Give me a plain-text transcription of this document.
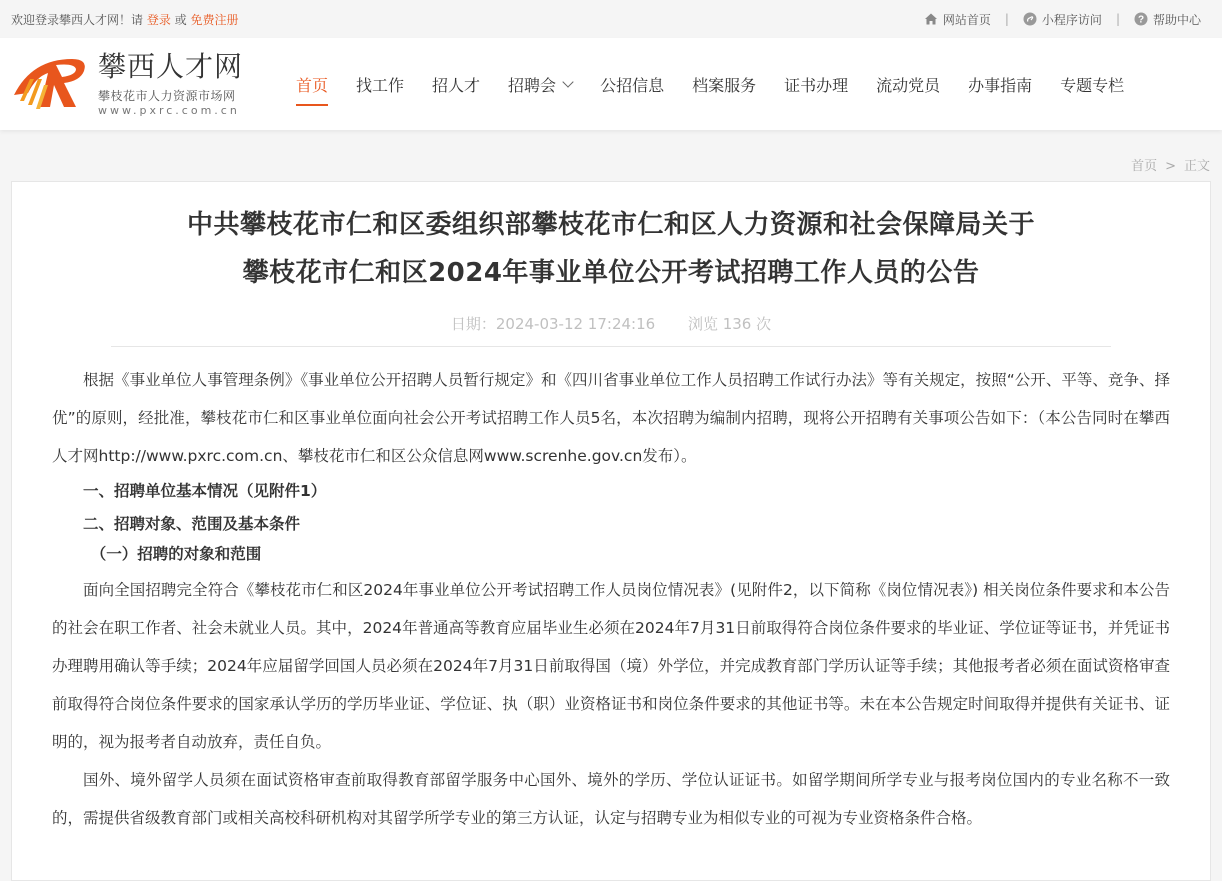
欢迎登录攀西人才网！请 登录 或 免费注册	网站首页 |	小程序访问 | ? 帮助中心
攀西人才网
攀枝花市人力资源市场网
www.pxrc.com.cn
首页 找工作 招人才 招聘会	公招信息 档案服务 证书办理 流动党员 办事指南 专题专栏
首页 > 正文
中共攀枝花市仁和区委组织部攀枝花市仁和区人力资源和社会保障局关于
攀枝花市仁和区2024年事业单位公开考试招聘工作人员的公告
日期：2024-03-12 17:24:16 浏览 136 次

根据《事业单位人事管理条例》《事业单位公开招聘人员暂行规定》和《四川省事业单位工作人员招聘工作试行办法》等有关规定，按照“公开、平等、竞争、择优”的原则，经批准，攀枝花市仁和区事业单位面向社会公开考试招聘工作人员5名，本次招聘为编制内招聘，现将公开招聘有关事项公告如下：（本公告同时在攀西人才网http://www.pxrc.com.cn、攀枝花市仁和区公众信息网www.screnhe.gov.cn发布）。

一、招聘单位基本情况（见附件1）
二、招聘对象、范围及基本条件
（一）招聘的对象和范围

面向全国招聘完全符合《攀枝花市仁和区2024年事业单位公开考试招聘工作人员岗位情况表》(见附件2，以下简称《岗位情况表》) 相关岗位条件要求和本公告的社会在职工作者、社会未就业人员。其中，2024年普通高等教育应届毕业生必须在2024年7月31日前取得符合岗位条件要求的毕业证、学位证等证书，并凭证书办理聘用确认等手续；2024年应届留学回国人员必须在2024年7月31日前取得国（境）外学位，并完成教育部门学历认证等手续；其他报考者必须在面试资格审查前取得符合岗位条件要求的国家承认学历的学历毕业证、学位证、执（职）业资格证书和岗位条件要求的其他证书等。未在本公告规定时间取得并提供有关证书、证明的，视为报考者自动放弃，责任自负。

国外、境外留学人员须在面试资格审查前取得教育部留学服务中心国外、境外的学历、学位认证证书。如留学期间所学专业与报考岗位国内的专业名称不一致的，需提供省级教育部门或相关高校科研机构对其留学所学专业的第三方认证，认定与招聘专业为相似专业的可视为专业资格条件合格。
